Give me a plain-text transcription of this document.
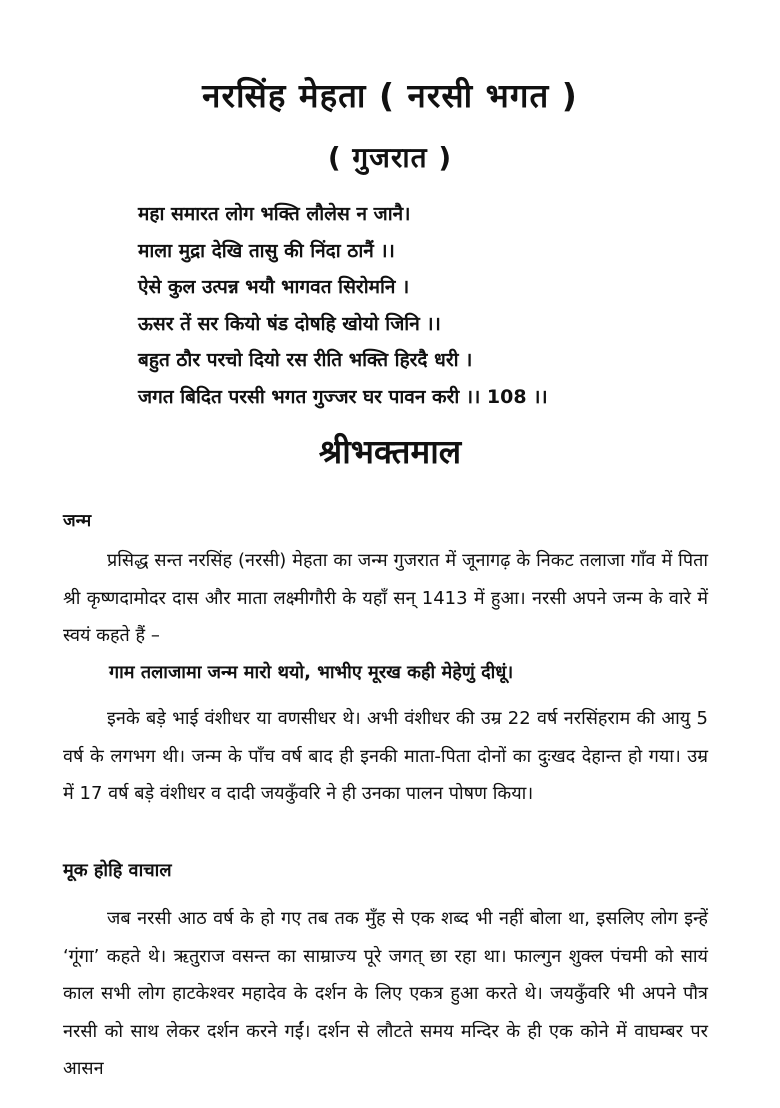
नरसिंह मेहता ( नरसी भगत )
( गुजरात )
महा समारत लोग भक्ति लौलेस न जानै।
माला मुद्रा देखि तासु की निंदा ठानैं ।।
ऐसे कुल उत्पन्न भयौ भागवत सिरोमनि ।
ऊसर तें सर कियो षंड दोषहि खोयो जिनि ।।
बहुत ठौर परचो दियो रस रीति भक्ति हिरदै धरी ।
जगत बिदित परसी भगत गुज्जर घर पावन करी ।। 108 ।।
श्रीभक्तमाल
जन्म
प्रसिद्ध सन्त नरसिंह (नरसी) मेहता का जन्म गुजरात में जूनागढ़ के निकट तलाजा गाँव में पिता श्री कृष्णदामोदर दास और माता लक्ष्मीगौरी के यहाँ सन् 1413 में हुआ। नरसी अपने जन्म के वारे में स्वयं कहते हैं –
गाम तलाजामा जन्म मारो थयो, भाभीए मूरख कही मेहेणुं दीधूं।
इनके बड़े भाई वंशीधर या वणसीधर थे। अभी वंशीधर की उम्र 22 वर्ष नरसिंहराम की आयु 5 वर्ष के लगभग थी। जन्म के पाँच वर्ष बाद ही इनकी माता-पिता दोनों का दुःखद देहान्त हो गया। उम्र में 17 वर्ष बड़े वंशीधर व दादी जयकुँवरि ने ही उनका पालन पोषण किया।
मूक होहि वाचाल
जब नरसी आठ वर्ष के हो गए तब तक मुँह से एक शब्द भी नहीं बोला था, इसलिए लोग इन्हें ‘गूंगा’ कहते थे। ऋतुराज वसन्त का साम्राज्य पूरे जगत् छा रहा था। फाल्गुन शुक्ल पंचमी को सायं काल सभी लोग हाटकेश्वर महादेव के दर्शन के लिए एकत्र हुआ करते थे। जयकुँवरि भी अपने पौत्र नरसी को साथ लेकर दर्शन करने गईं। दर्शन से लौटते समय मन्दिर के ही एक कोने में वाघम्बर पर आसन
